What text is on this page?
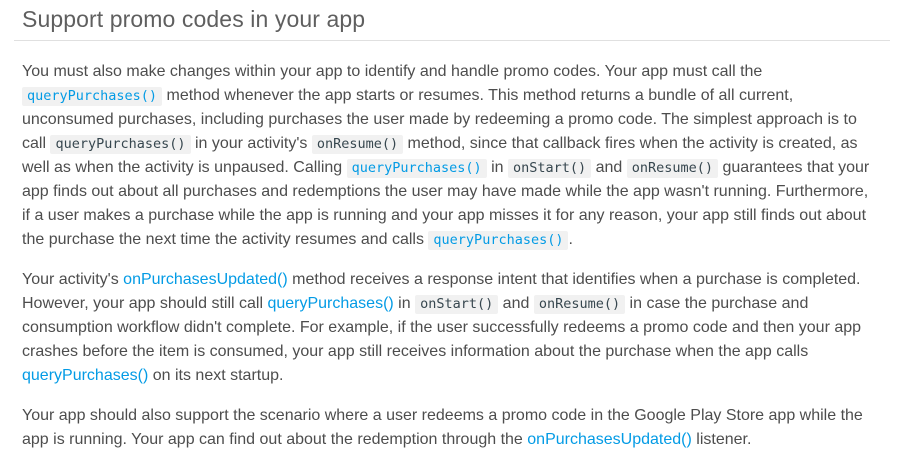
Support promo codes in your app

You must also make changes within your app to identify and handle promo codes. Your app must call the queryPurchases() method whenever the app starts or resumes. This method returns a bundle of all current, unconsumed purchases, including purchases the user made by redeeming a promo code. The simplest approach is to call queryPurchases() in your activity's onResume() method, since that callback fires when the activity is created, as well as when the activity is unpaused. Calling queryPurchases() in onStart() and onResume() guarantees that your app finds out about all purchases and redemptions the user may have made while the app wasn't running. Furthermore, if a user makes a purchase while the app is running and your app misses it for any reason, your app still finds out about the purchase the next time the activity resumes and calls queryPurchases() .

Your activity's onPurchasesUpdated() method receives a response intent that identifies when a purchase is completed. However, your app should still call queryPurchases() in onStart() and onResume() in case the purchase and consumption workflow didn't complete. For example, if the user successfully redeems a promo code and then your app crashes before the item is consumed, your app still receives information about the purchase when the app calls queryPurchases() on its next startup.

Your app should also support the scenario where a user redeems a promo code in the Google Play Store app while the app is running. Your app can find out about the redemption through the onPurchasesUpdated() listener.
